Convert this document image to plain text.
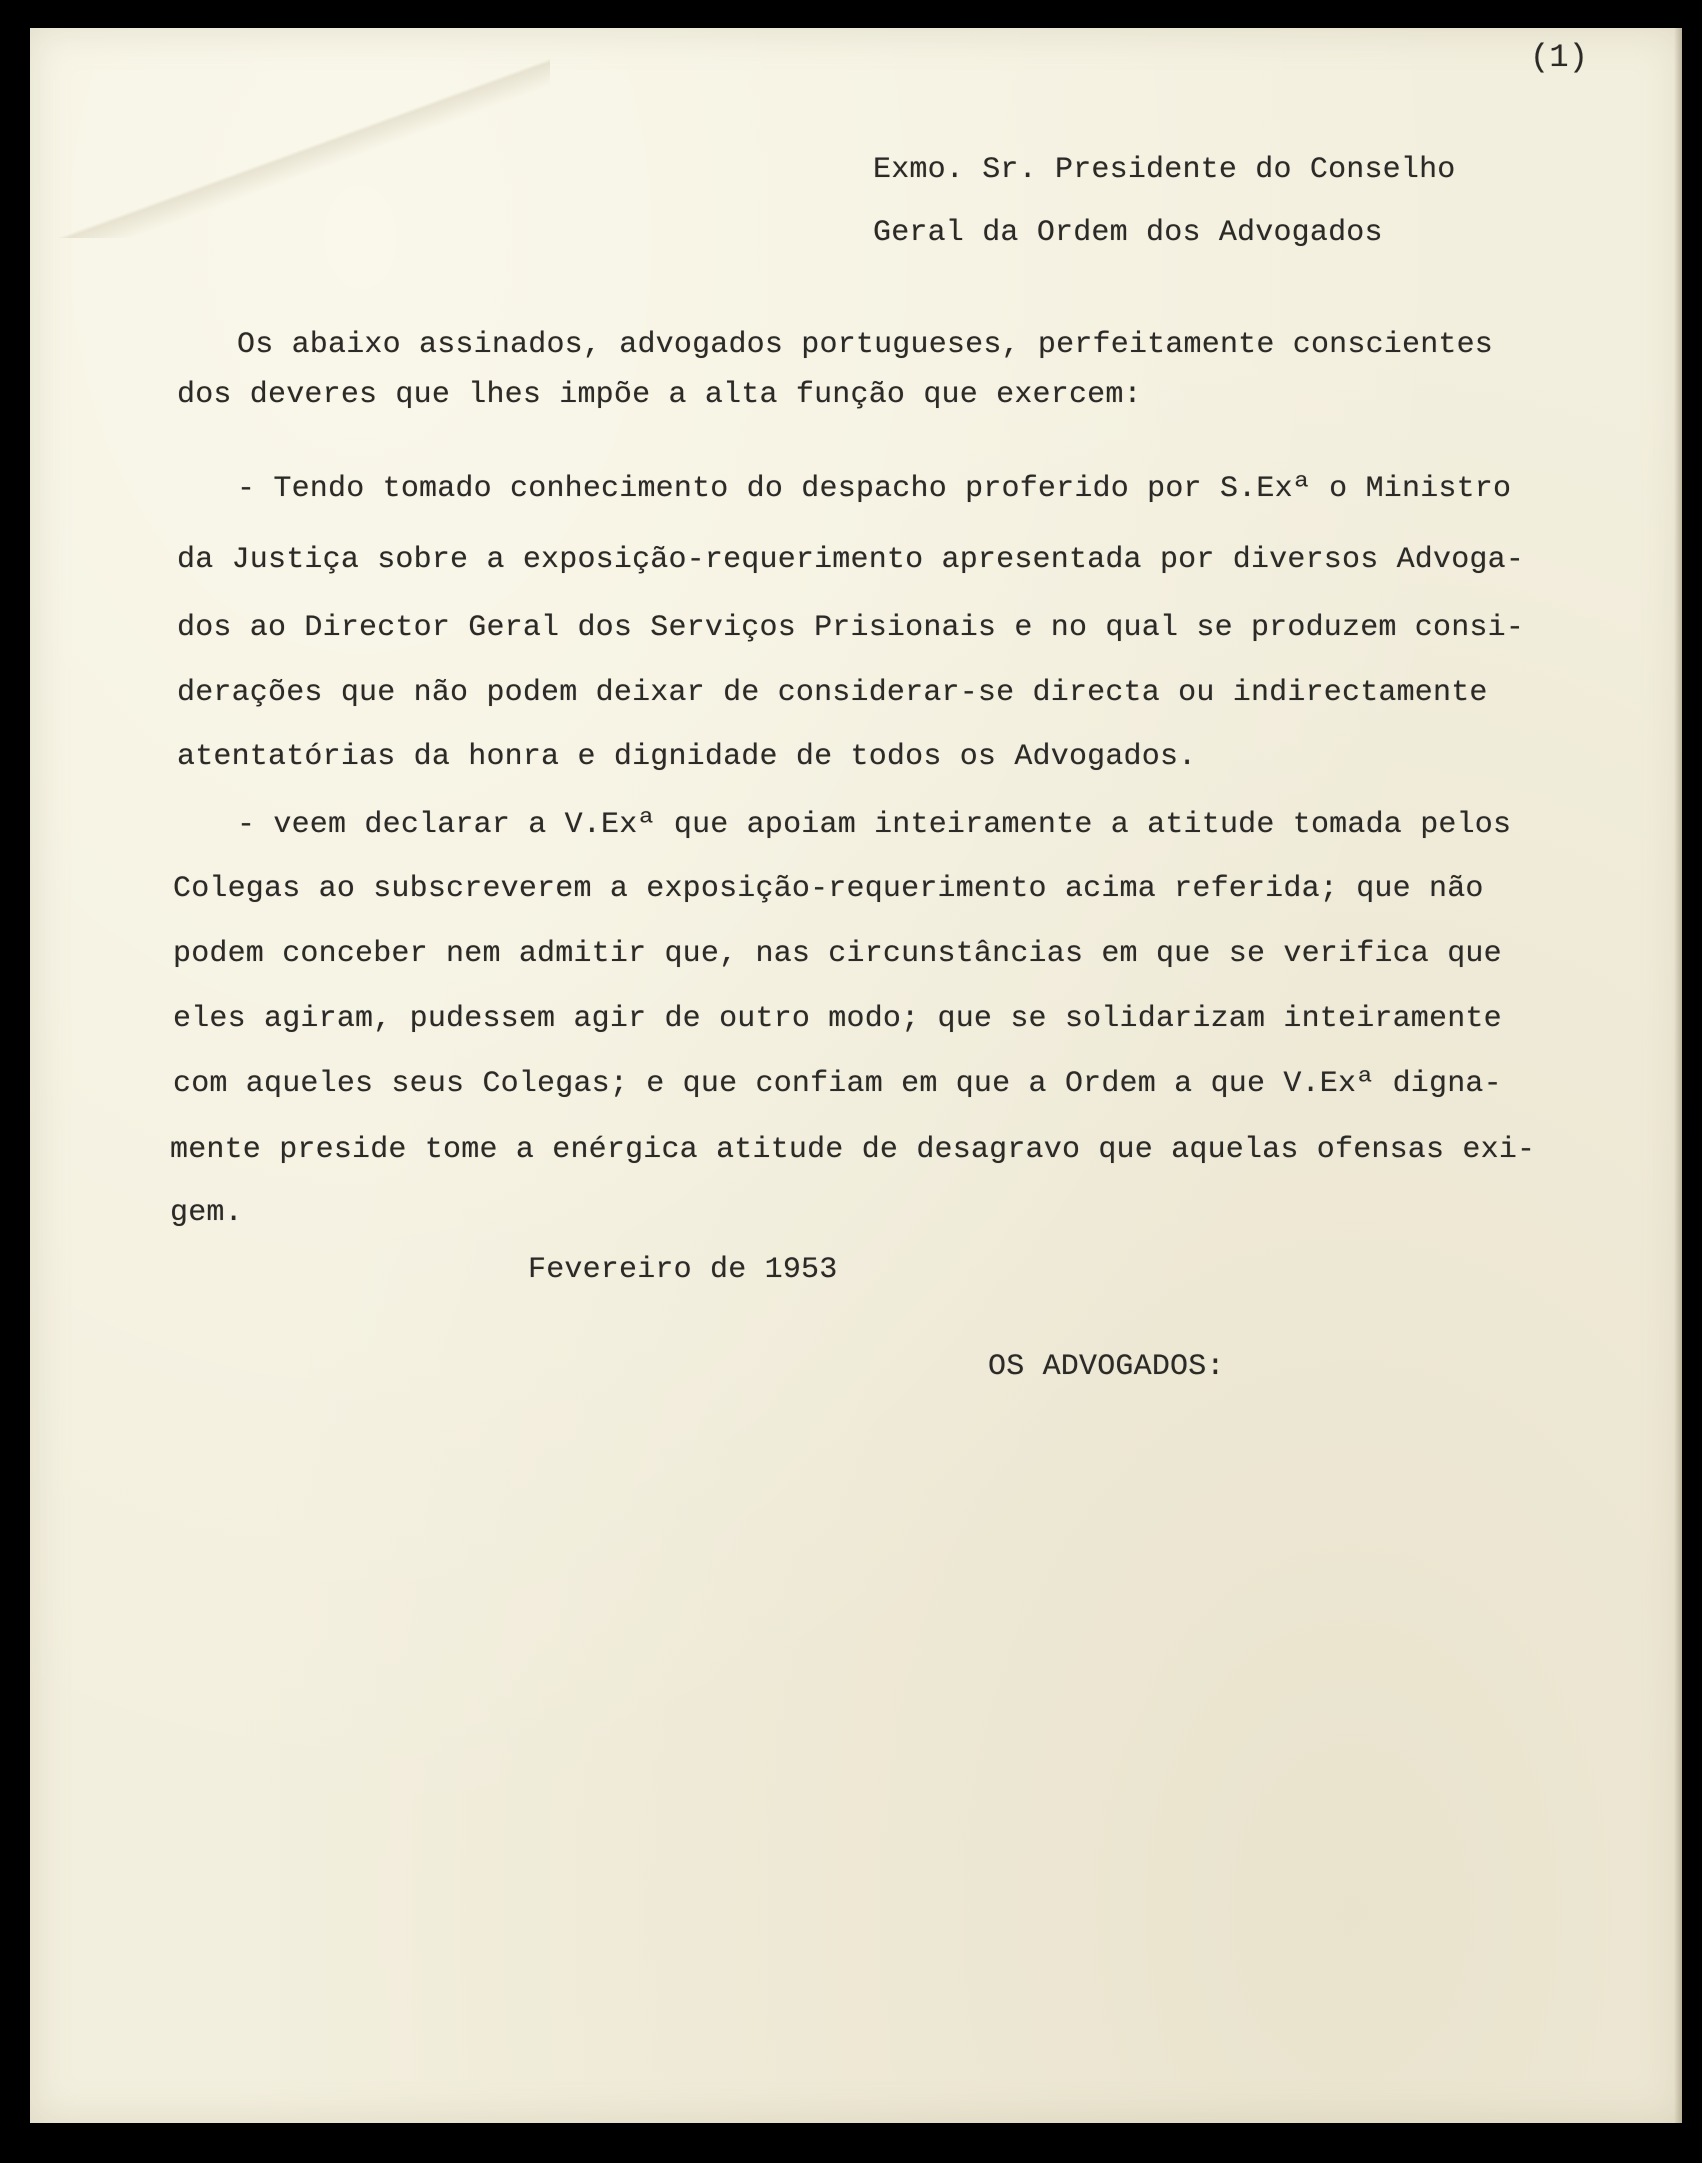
(1)

Exmo. Sr. Presidente do Conselho

Geral da Ordem dos Advogados

Os abaixo assinados, advogados portugueses, perfeitamente conscientes

dos deveres que lhes impõe a alta função que exercem:

- Tendo tomado conhecimento do despacho proferido por S.Exª o Ministro

da Justiça sobre a exposição-requerimento apresentada por diversos Advoga-

dos ao Director Geral dos Serviços Prisionais e no qual se produzem consi-

derações que não podem deixar de considerar-se directa ou indirectamente

atentatórias da honra e dignidade de todos os Advogados.

- veem declarar a V.Exª que apoiam inteiramente a atitude tomada pelos

Colegas ao subscreverem a exposição-requerimento acima referida; que não

podem conceber nem admitir que, nas circunstâncias em que se verifica que

eles agiram, pudessem agir de outro modo; que se solidarizam inteiramente

com aqueles seus Colegas; e que confiam em que a Ordem a que V.Exª digna-

mente preside tome a enérgica atitude de desagravo que aquelas ofensas exi-

gem.

Fevereiro de 1953

OS ADVOGADOS:
